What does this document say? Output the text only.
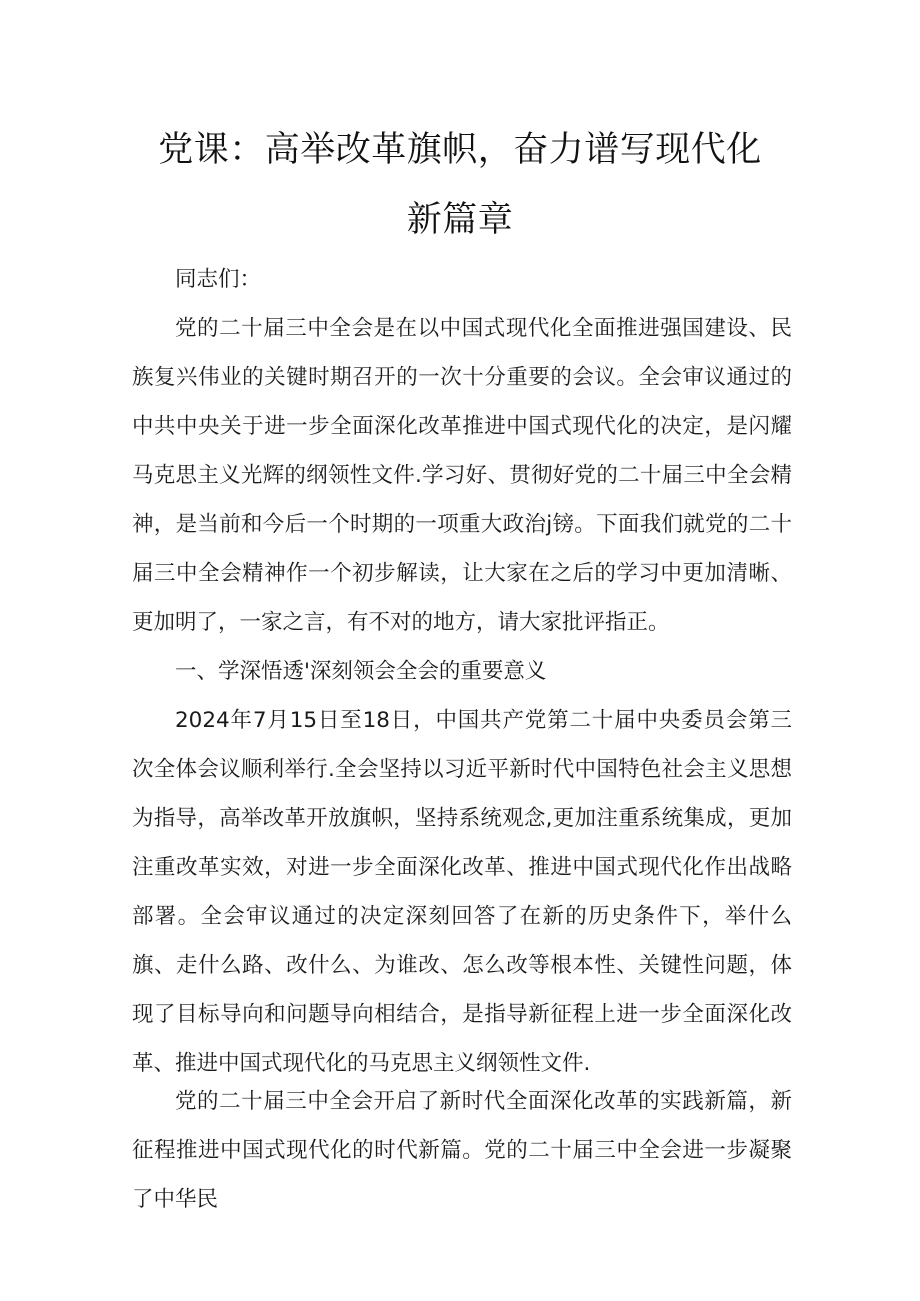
党课：高举改革旗帜，奋力谱写现代化
新篇章

同志们：

党的二十届三中全会是在以中国式现代化全面推进强国建设、民族复兴伟业的关键时期召开的一次十分重要的会议。全会审议通过的中共中央关于进一步全面深化改革推进中国式现代化的决定，是闪耀马克思主义光辉的纲领性文件.学习好、贯彻好党的二十届三中全会精神，是当前和今后一个时期的一项重大政治j镑。下面我们就党的二十届三中全会精神作一个初步解读，让大家在之后的学习中更加清晰、更加明了，一家之言，有不对的地方，请大家批评指正。

一、学深悟透'深刻领会全会的重要意义

2024年7月15日至18日，中国共产党第二十届中央委员会第三次全体会议顺利举行.全会坚持以习近平新时代中国特色社会主义思想为指导，高举改革开放旗帜，坚持系统观念,更加注重系统集成，更加注重改革实效，对进一步全面深化改革、推进中国式现代化作出战略部署。全会审议通过的决定深刻回答了在新的历史条件下，举什么旗、走什么路、改什么、为谁改、怎么改等根本性、关键性问题，体现了目标导向和问题导向相结合，是指导新征程上进一步全面深化改革、推进中国式现代化的马克思主义纲领性文件.

党的二十届三中全会开启了新时代全面深化改革的实践新篇，新征程推进中国式现代化的时代新篇。党的二十届三中全会进一步凝聚了中华民
